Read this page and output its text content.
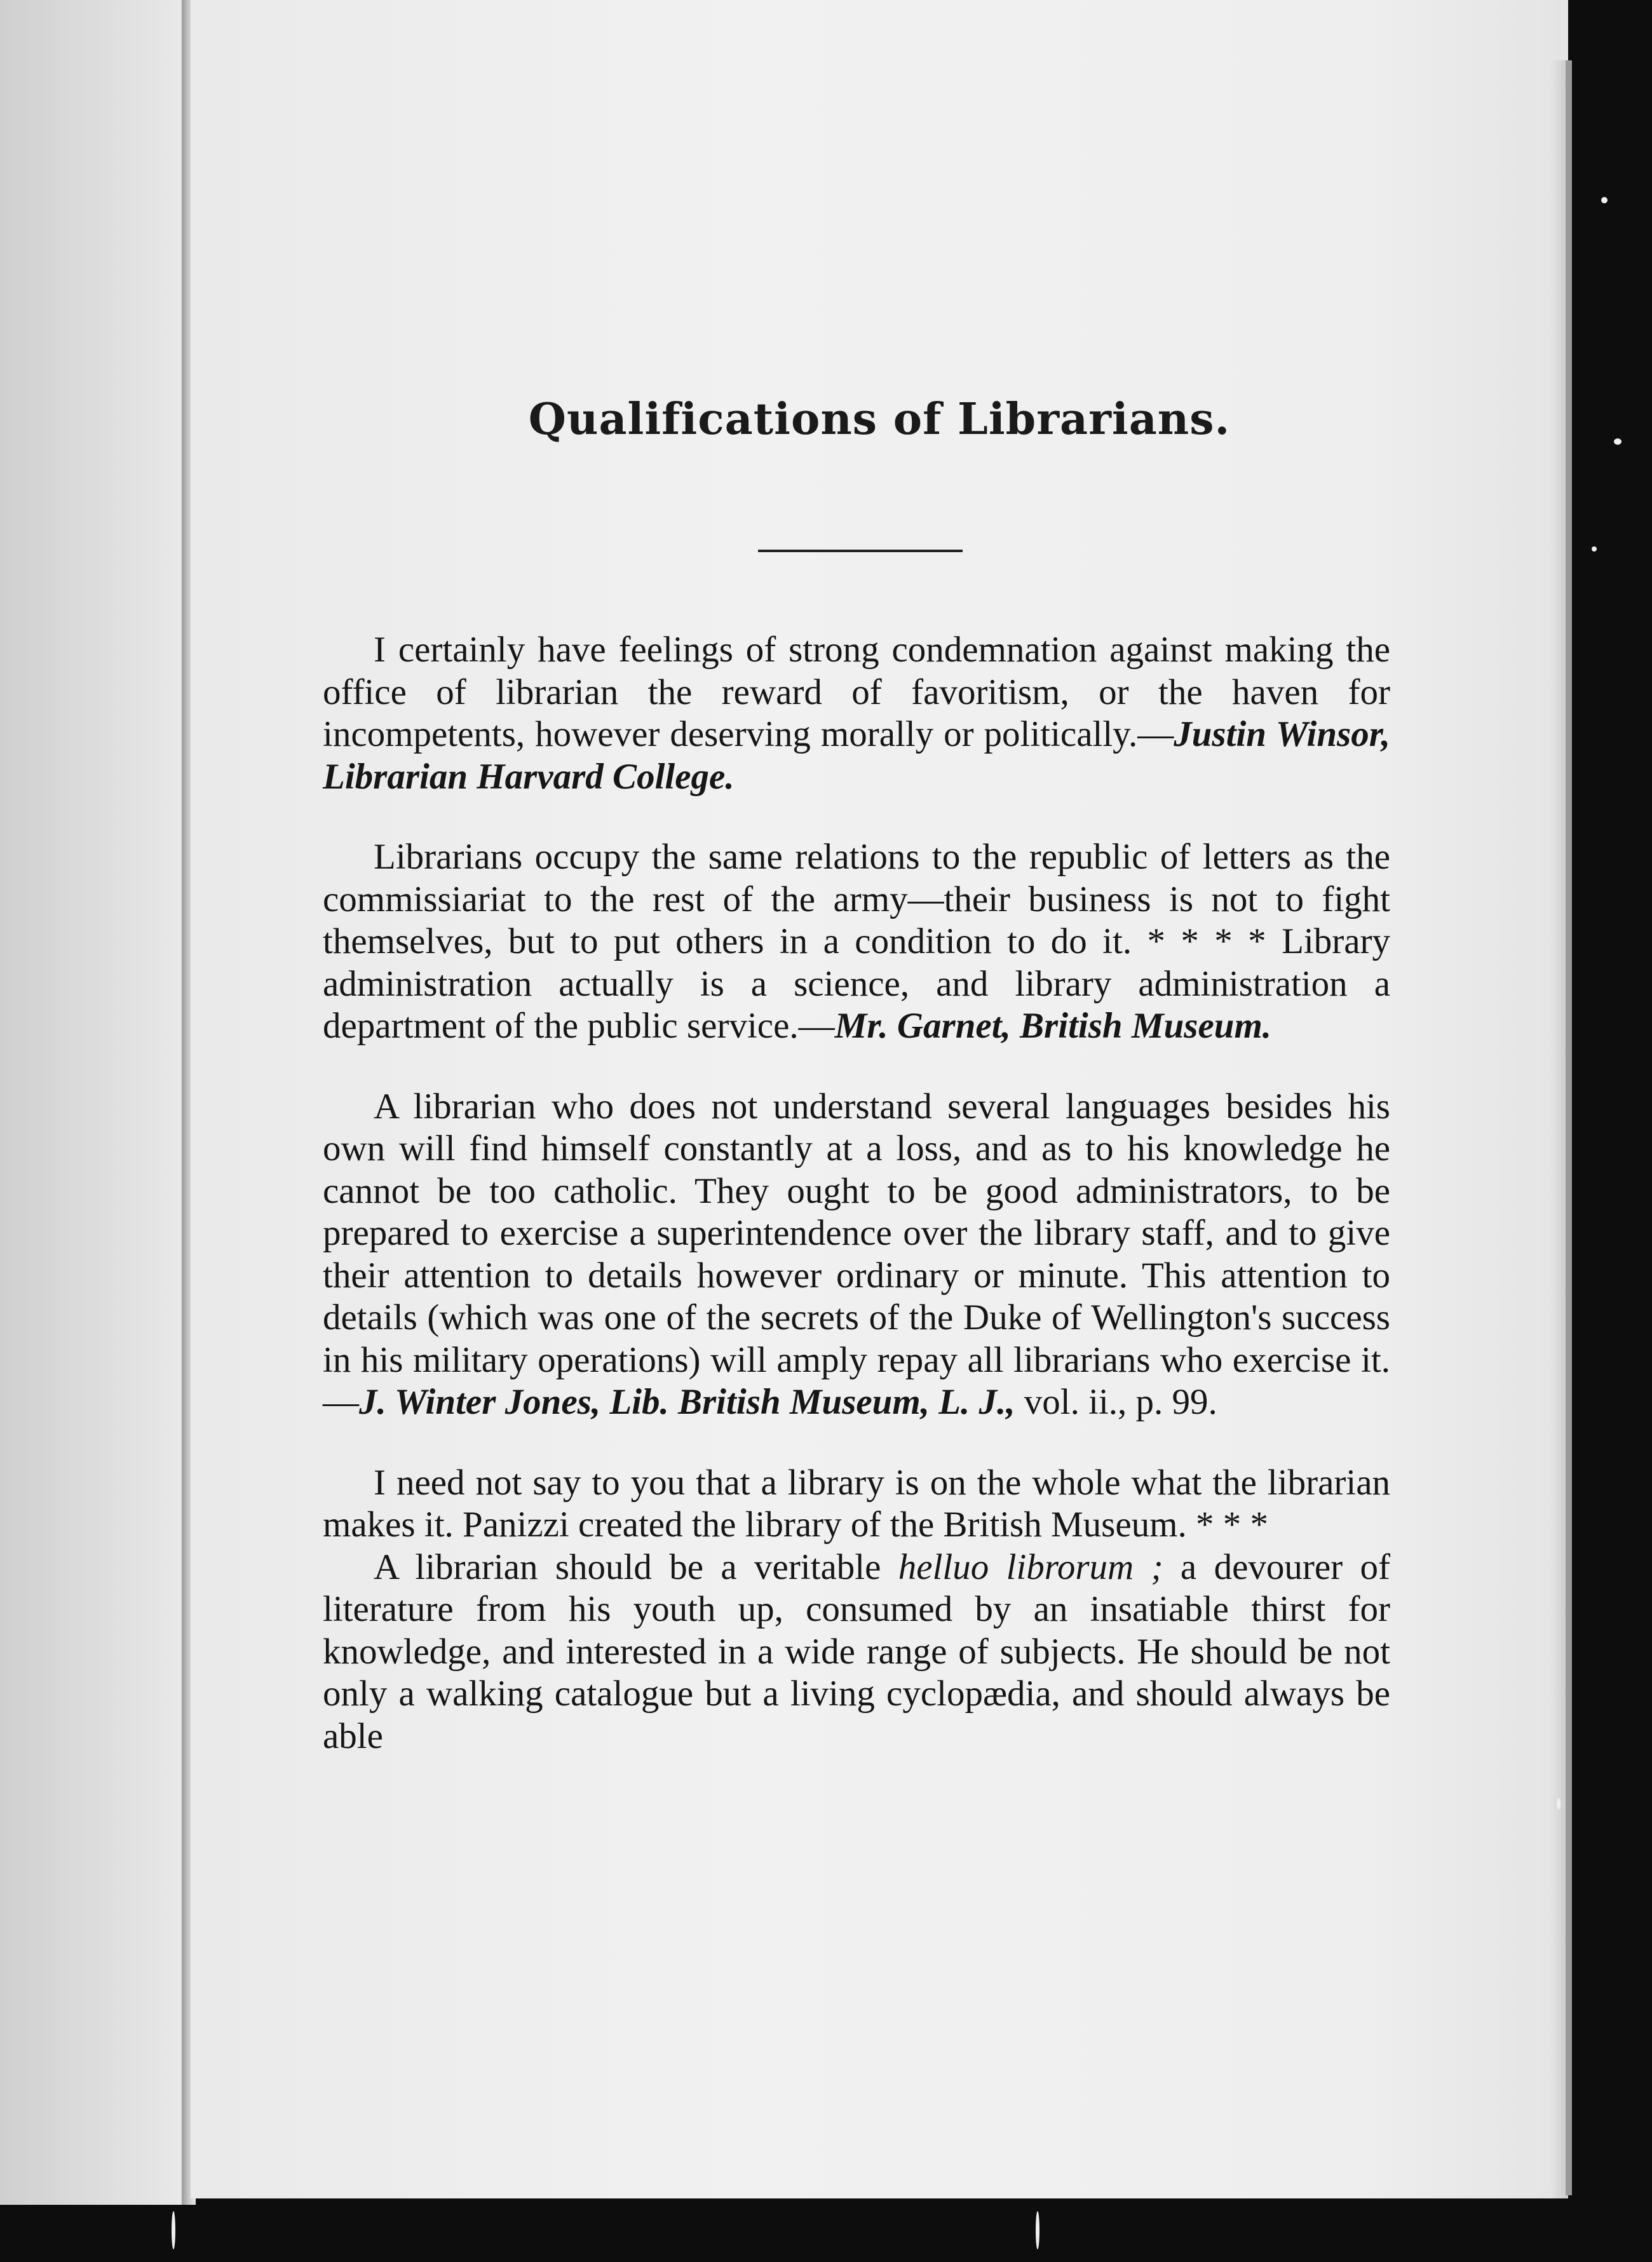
Qualifications of Librarians.

I certainly have feelings of strong condemnation against making the office of librarian the reward of favoritism, or the haven for incompetents, however deserving morally or politically.—Justin Winsor, Librarian Harvard College.

Librarians occupy the same relations to the republic of letters as the commissiariat to the rest of the army—their business is not to fight themselves, but to put others in a condition to do it. * * * * Library administration actually is a science, and library administration a department of the public service.—Mr. Garnet, British Museum.

A librarian who does not understand several languages besides his own will find himself constantly at a loss, and as to his knowledge he cannot be too catholic. They ought to be good administrators, to be prepared to exercise a superintendence over the library staff, and to give their attention to details however ordinary or minute. This attention to details (which was one of the secrets of the Duke of Wellington's success in his military operations) will amply repay all librarians who exercise it.—J. Winter Jones, Lib. British Museum, L. J., vol. ii., p. 99.

I need not say to you that a library is on the whole what the librarian makes it. Panizzi created the library of the British Museum. * * *

A librarian should be a veritable helluo librorum ; a devourer of literature from his youth up, consumed by an insatiable thirst for knowledge, and interested in a wide range of subjects. He should be not only a walking catalogue but a living cyclopædia, and should always be able
